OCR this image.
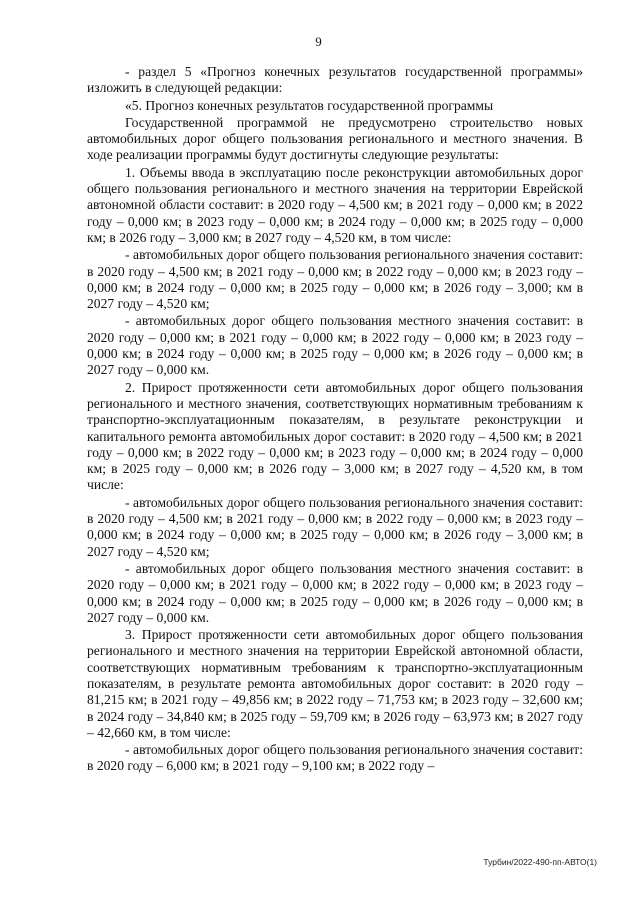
9

- раздел 5 «Прогноз конечных результатов государственной программы» изложить в следующей редакции:

«5. Прогноз конечных результатов государственной программы

Государственной программой не предусмотрено строительство новых автомобильных дорог общего пользования регионального и местного значения. В ходе реализации программы будут достигнуты следующие результаты:

1. Объемы ввода в эксплуатацию после реконструкции автомобильных дорог общего пользования регионального и местного значения на территории Еврейской автономной области составит: в 2020 году – 4,500 км; в 2021 году – 0,000 км; в 2022 году – 0,000 км; в 2023 году – 0,000 км; в 2024 году – 0,000 км; в 2025 году – 0,000 км; в 2026 году – 3,000 км; в 2027 году – 4,520 км, в том числе:

- автомобильных дорог общего пользования регионального значения составит: в 2020 году – 4,500 км; в 2021 году – 0,000 км; в 2022 году – 0,000 км; в 2023 году – 0,000 км; в 2024 году – 0,000 км; в 2025 году – 0,000 км; в 2026 году – 3,000; км в 2027 году – 4,520 км;

- автомобильных дорог общего пользования местного значения составит: в 2020 году – 0,000 км; в 2021 году – 0,000 км; в 2022 году – 0,000 км; в 2023 году – 0,000 км; в 2024 году – 0,000 км; в 2025 году – 0,000 км; в 2026 году – 0,000 км; в 2027 году – 0,000 км.

2. Прирост протяженности сети автомобильных дорог общего пользования регионального и местного значения, соответствующих нормативным требованиям к транспортно-эксплуатационным показателям, в результате реконструкции и капитального ремонта автомобильных дорог составит: в 2020 году – 4,500 км; в 2021 году – 0,000 км; в 2022 году – 0,000 км; в 2023 году – 0,000 км; в 2024 году – 0,000 км; в 2025 году – 0,000 км; в 2026 году – 3,000 км; в 2027 году – 4,520 км, в том числе:

- автомобильных дорог общего пользования регионального значения составит: в 2020 году – 4,500 км; в 2021 году – 0,000 км; в 2022 году – 0,000 км; в 2023 году – 0,000 км; в 2024 году – 0,000 км; в 2025 году – 0,000 км; в 2026 году – 3,000 км; в 2027 году – 4,520 км;

- автомобильных дорог общего пользования местного значения составит: в 2020 году – 0,000 км; в 2021 году – 0,000 км; в 2022 году – 0,000 км; в 2023 году – 0,000 км; в 2024 году – 0,000 км; в 2025 году – 0,000 км; в 2026 году – 0,000 км; в 2027 году – 0,000 км.

3. Прирост протяженности сети автомобильных дорог общего пользования регионального и местного значения на территории Еврейской автономной области, соответствующих нормативным требованиям к транспортно-эксплуатационным показателям, в результате ремонта автомобильных дорог составит: в 2020 году – 81,215 км; в 2021 году – 49,856 км; в 2022 году – 71,753 км; в 2023 году – 32,600 км; в 2024 году – 34,840 км; в 2025 году – 59,709 км; в 2026 году – 63,973 км; в 2027 году – 42,660 км, в том числе:

- автомобильных дорог общего пользования регионального значения составит: в 2020 году – 6,000 км; в 2021 году – 9,100 км; в 2022 году –

Турбин/2022-490-пп-АВТО(1)
